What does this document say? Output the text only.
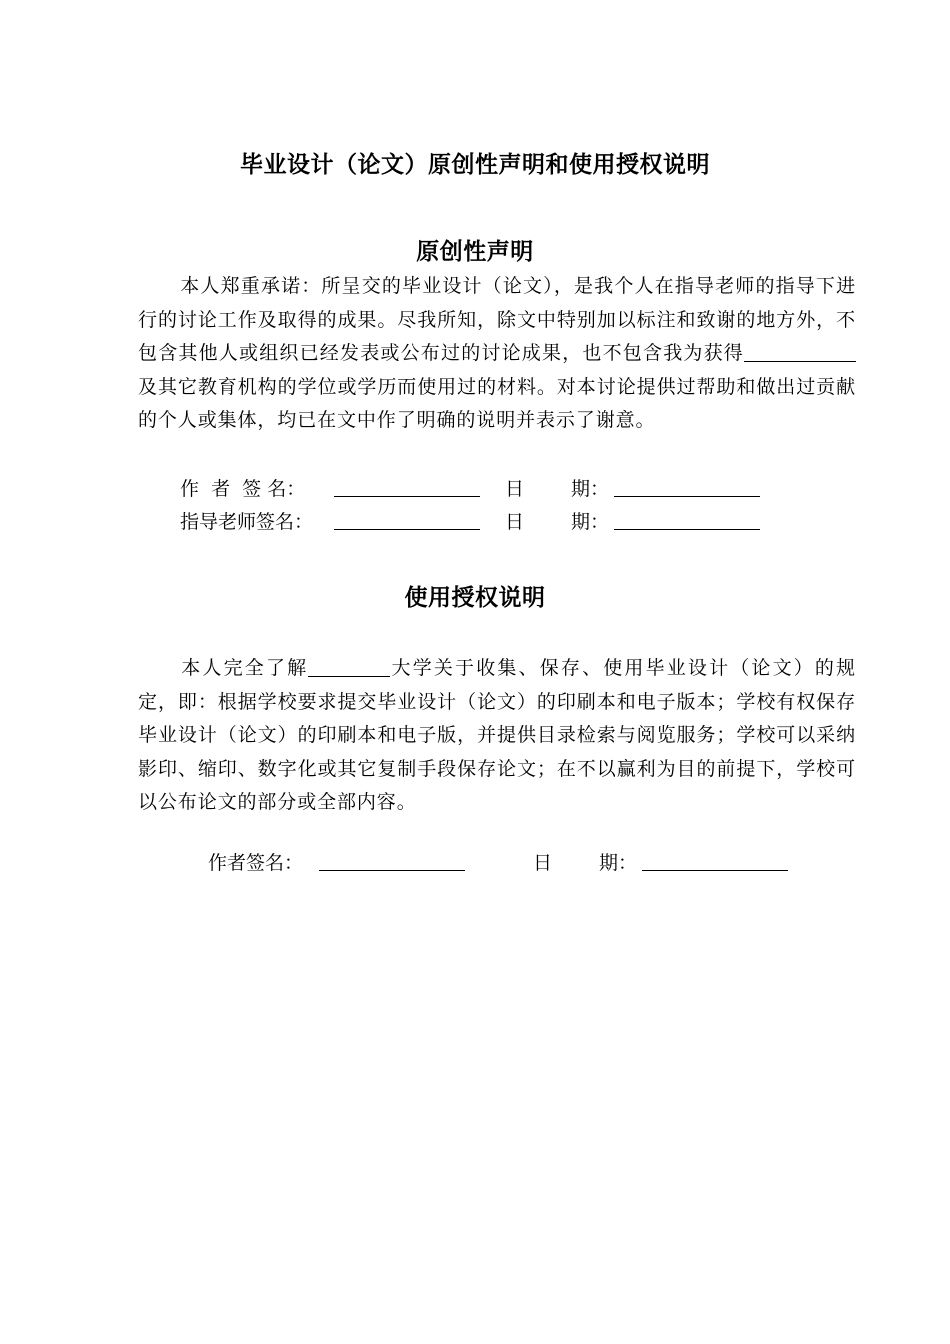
毕业设计（论文）原创性声明和使用授权说明
原创性声明

本人郑重承诺：所呈交的毕业设计（论文），是我个人在指导老师的指导下进行的讨论工作及取得的成果。尽我所知，除文中特别加以标注和致谢的地方外，不包含其他人或组织已经发表或公布过的讨论成果，也不包含我为获得及其它教育机构的学位或学历而使用过的材料。对本讨论提供过帮助和做出过贡献的个人或集体，均已在文中作了明确的说明并表示了谢意。

作  者  签 名：	日 期：
指导老师签名：	日 期：
使用授权说明

本人完全了解	大学关于收集、保存、使用毕业设计（论文）的规定，即：根据学校要求提交毕业设计（论文）的印刷本和电子版本；学校有权保存毕业设计（论文）的印刷本和电子版，并提供目录检索与阅览服务；学校可以采纳影印、缩印、数字化或其它复制手段保存论文；在不以赢利为目的前提下，学校可以公布论文的部分或全部内容。

作者签名：	日 期：
